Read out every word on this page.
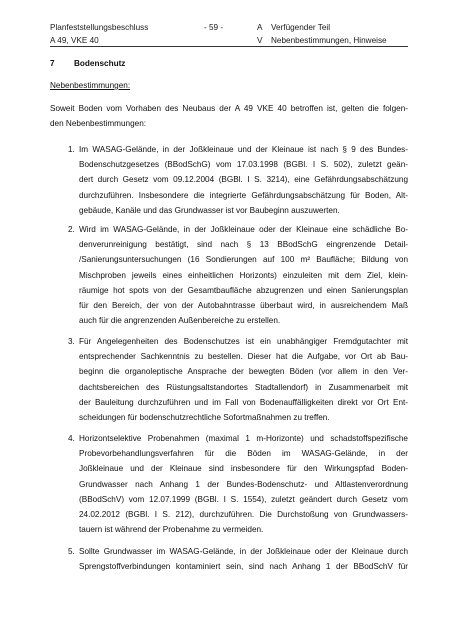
Planfeststellungsbeschluss
A 49, VKE 40
- 59 -	A Verfügender Teil
V Nebenbestimmungen, Hinweise
7 Bodenschutz
Nebenbestimmungen:
Soweit Boden vom Vorhaben des Neubaus der A 49 VKE 40 betroffen ist, gelten die folgen-
den Nebenbestimmungen:
1. Im WASAG-Gelände, in der Joßkleinaue und der Kleinaue ist nach § 9 des Bundes-
Bodenschutzgesetzes (BBodSchG) vom 17.03.1998 (BGBl. I S. 502), zuletzt geän-
dert durch Gesetz vom 09.12.2004 (BGBl. I S. 3214), eine Gefährdungsabschätzung
durchzuführen. Insbesondere die integrierte Gefährdungsabschätzung für Boden, Alt-
gebäude, Kanäle und das Grundwasser ist vor Baubeginn auszuwerten.
2. Wird im WASAG-Gelände, in der Joßkleinaue oder der Kleinaue eine schädliche Bo-
denverunreinigung bestätigt, sind nach § 13 BBodSchG eingrenzende Detail-
/Sanierungsuntersuchungen (16 Sondierungen auf 100 m² Baufläche; Bildung von
Mischproben jeweils eines einheitlichen Horizonts) einzuleiten mit dem Ziel, klein-
räumige hot spots von der Gesamtbaufläche abzugrenzen und einen Sanierungsplan
für den Bereich, der von der Autobahntrasse überbaut wird, in ausreichendem Maß
auch für die angrenzenden Außenbereiche zu erstellen.
3. Für Angelegenheiten des Bodenschutzes ist ein unabhängiger Fremdgutachter mit
entsprechender Sachkenntnis zu bestellen. Dieser hat die Aufgabe, vor Ort ab Bau-
beginn die organoleptische Ansprache der bewegten Böden (vor allem in den Ver-
dachtsbereichen des Rüstungsaltstandortes Stadtallendorf) in Zusammenarbeit mit
der Bauleitung durchzuführen und im Fall von Bodenauffälligkeiten direkt vor Ort Ent-
scheidungen für bodenschutzrechtliche Sofortmaßnahmen zu treffen.
4. Horizontselektive Probenahmen (maximal 1 m-Horizonte) und schadstoffspezifische
Probevorbehandlungsverfahren für die Böden im WASAG-Gelände, in der
Joßkleinaue und der Kleinaue sind insbesondere für den Wirkungspfad Boden-
Grundwasser nach Anhang 1 der Bundes-Bodenschutz- und Altlastenverordnung
(BBodSchV) vom 12.07.1999 (BGBl. I S. 1554), zuletzt geändert durch Gesetz vom
24.02.2012 (BGBl. I S. 212), durchzuführen. Die Durchstoßung von Grundwassers-
tauern ist während der Probenahme zu vermeiden.
5. Sollte Grundwasser im WASAG-Gelände, in der Joßkleinaue oder der Kleinaue durch
Sprengstoffverbindungen kontaminiert sein, sind nach Anhang 1 der BBodSchV für
